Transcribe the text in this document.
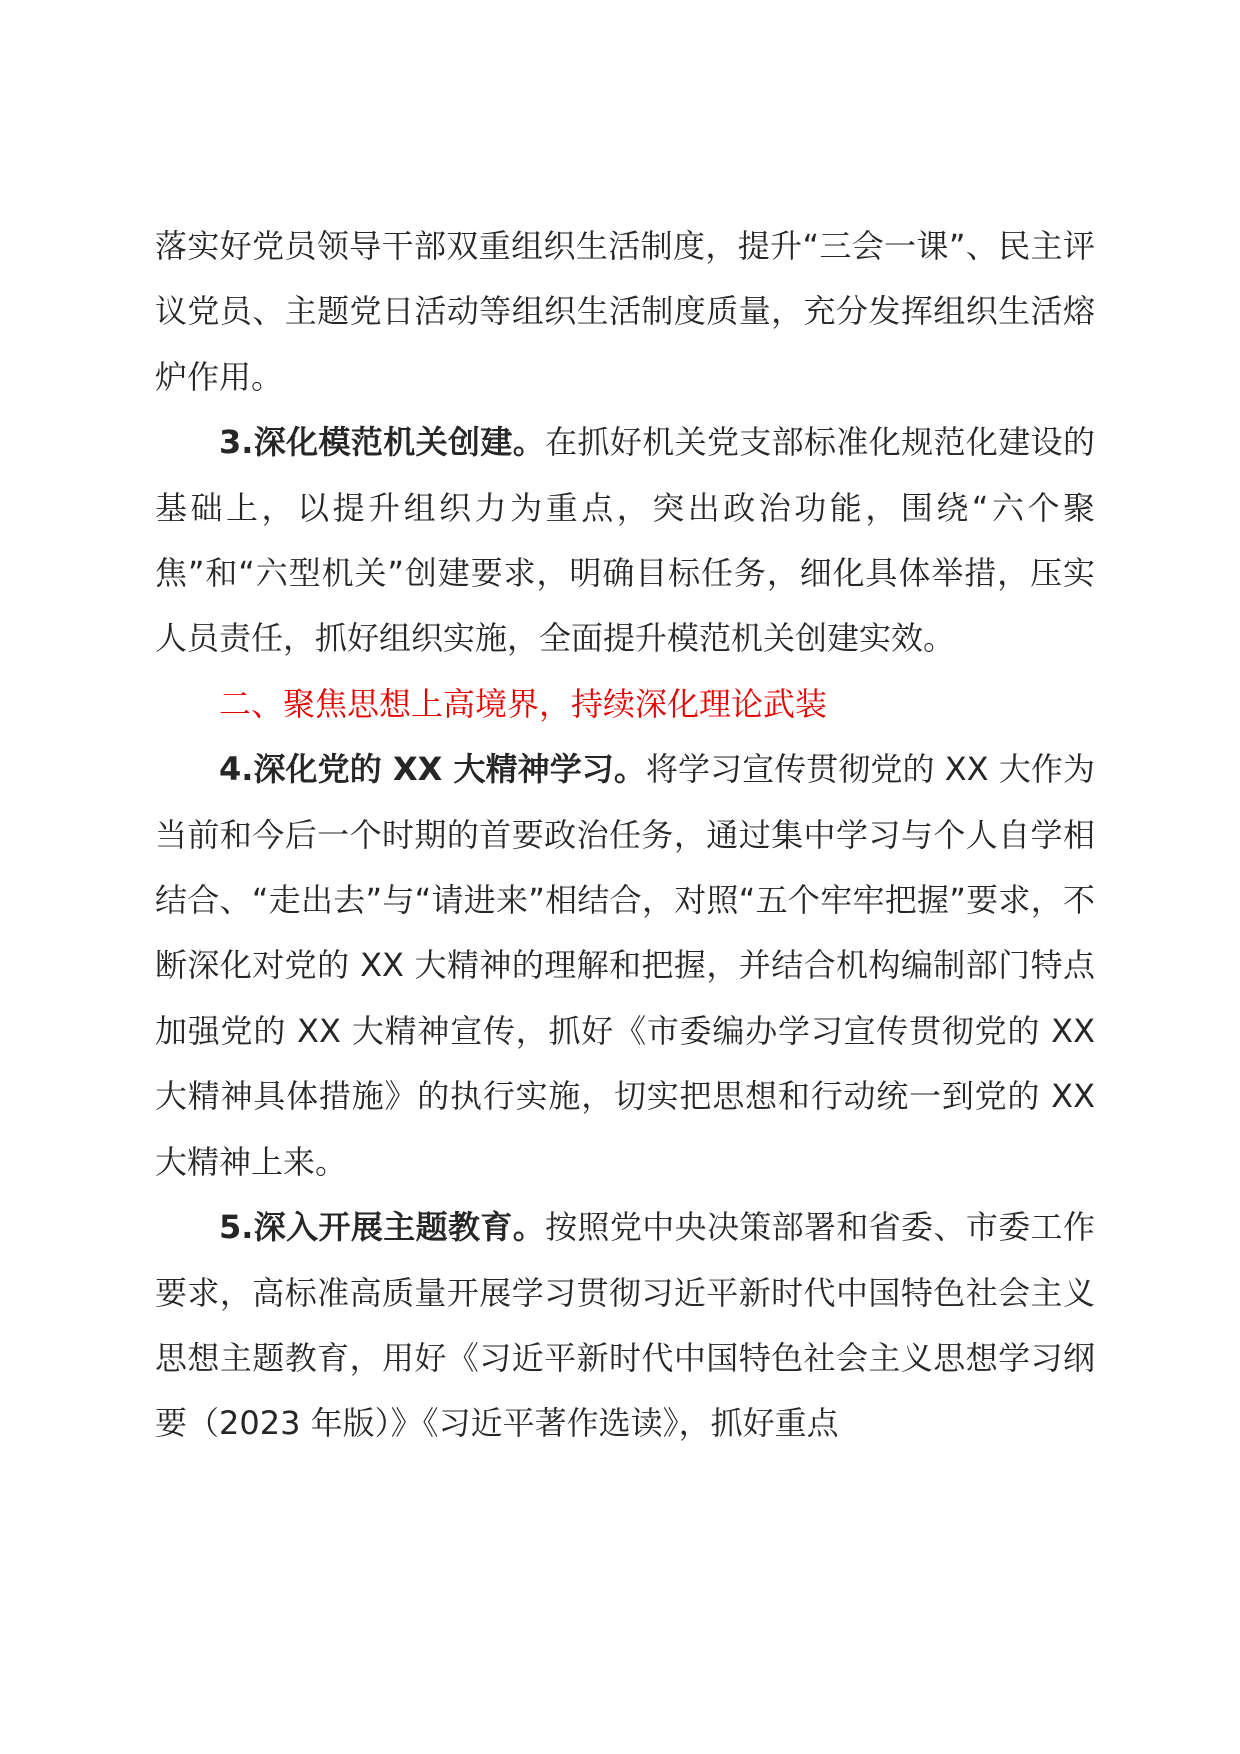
落实好党员领导干部双重组织生活制度，提升“三会一课”、民主评议党员、主题党日活动等组织生活制度质量，充分发挥组织生活熔炉作用。

3.深化模范机关创建。在抓好机关党支部标准化规范化建设的基础上，以提升组织力为重点，突出政治功能，围绕“六个聚焦”和“六型机关”创建要求，明确目标任务，细化具体举措，压实人员责任，抓好组织实施，全面提升模范机关创建实效。

二、聚焦思想上高境界，持续深化理论武装

4.深化党的 XX 大精神学习。将学习宣传贯彻党的 XX 大作为当前和今后一个时期的首要政治任务，通过集中学习与个人自学相结合、“走出去”与“请进来”相结合，对照“五个牢牢把握”要求，不断深化对党的 XX 大精神的理解和把握，并结合机构编制部门特点加强党的 XX 大精神宣传，抓好《市委编办学习宣传贯彻党的 XX 大精神具体措施》的执行实施，切实把思想和行动统一到党的 XX 大精神上来。

5.深入开展主题教育。按照党中央决策部署和省委、市委工作要求，高标准高质量开展学习贯彻习近平新时代中国特色社会主义思想主题教育，用好《习近平新时代中国特色社会主义思想学习纲要（2023 年版）》《习近平著作选读》，抓好重点
